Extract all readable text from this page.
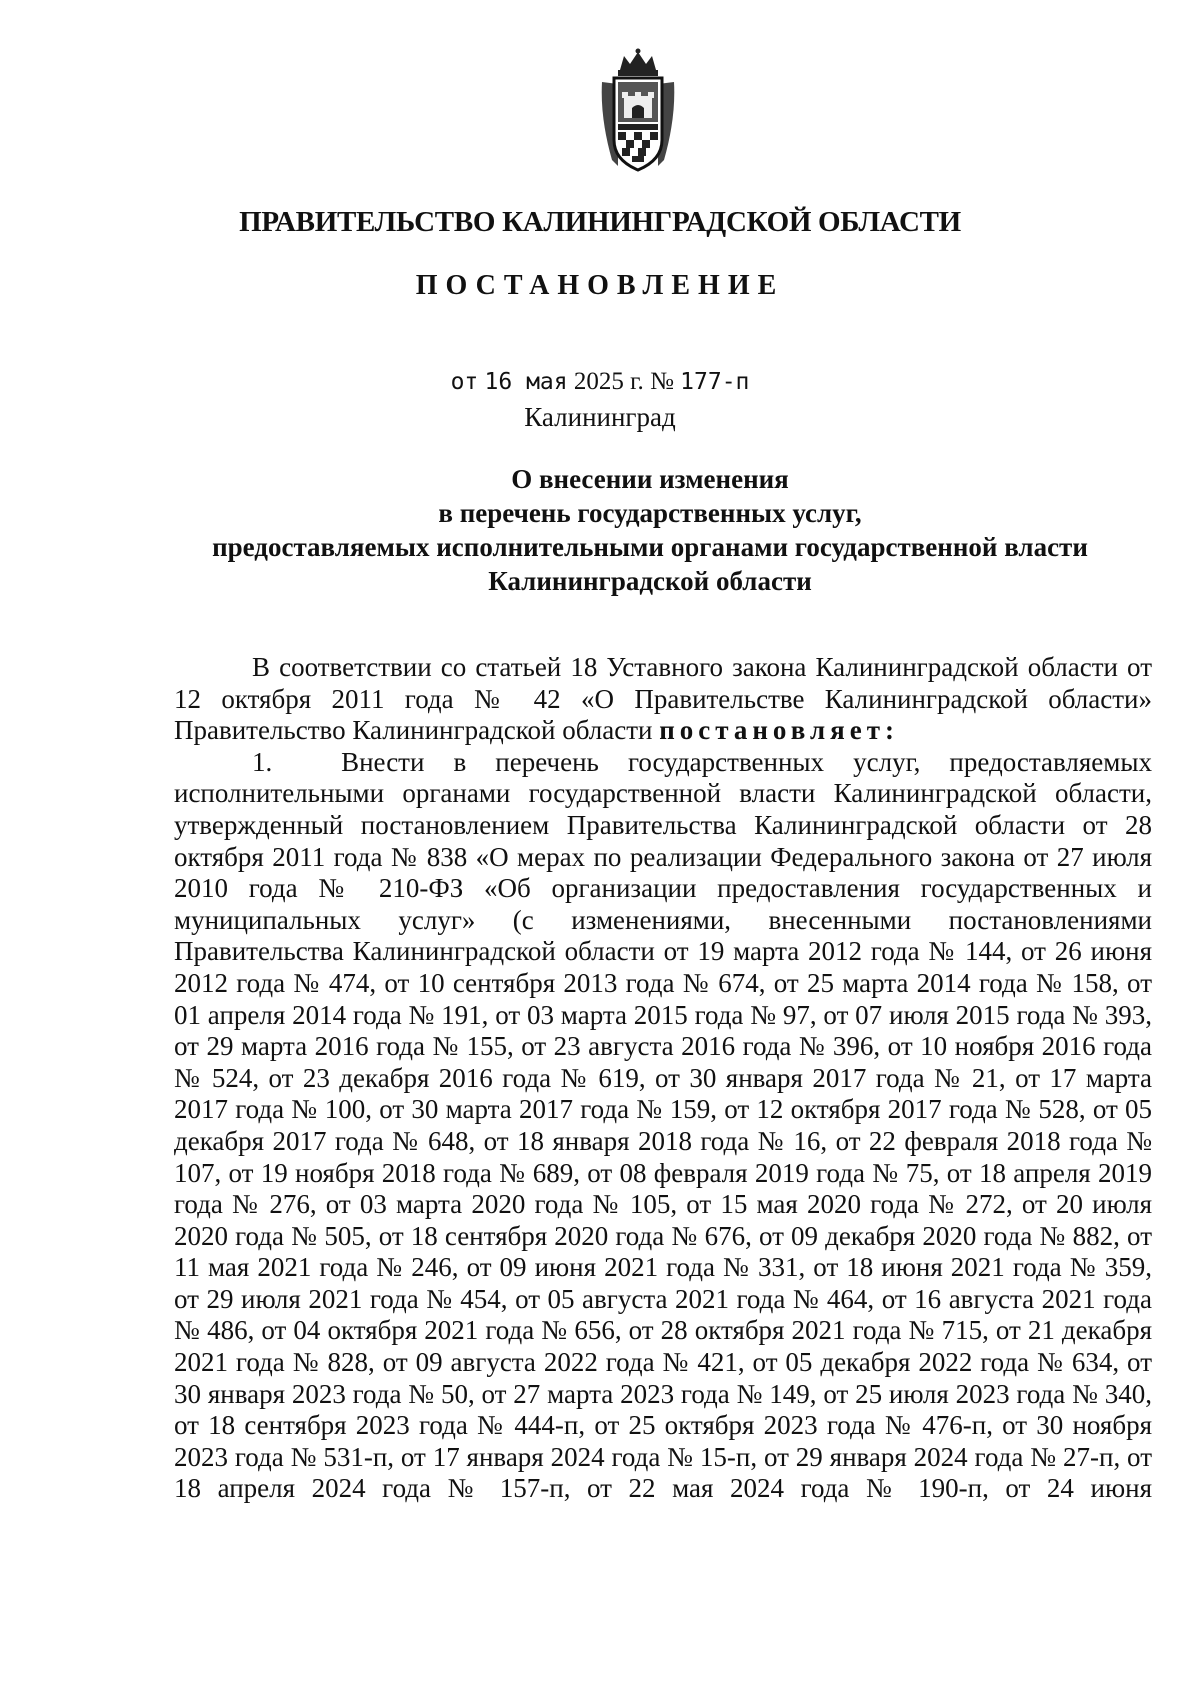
ПРАВИТЕЛЬСТВО КАЛИНИНГРАДСКОЙ ОБЛАСТИ
ПОСТАНОВЛЕНИЕ
от 16 мая 2025 г. № 177-п
Калининград
О внесении изменения
в перечень государственных услуг,
предоставляемых исполнительными органами государственной власти
Калининградской области

В соответствии со статьей 18 Уставного закона Калининградской области от 12 октября 2011 года № 42 «О Правительстве Калининградской области» Правительство Калининградской области постановляет:

1.	Внести в перечень государственных услуг, предоставляемых исполнительными органами государственной власти Калининградской области, утвержденный постановлением Правительства Калининградской области от 28 октября 2011 года № 838 «О мерах по реализации Федерального закона от 27 июля 2010 года № 210-ФЗ «Об организации предоставления государственных и муниципальных услуг» (с изменениями, внесенными постановлениями Правительства Калининградской области от 19 марта 2012 года № 144, от 26 июня 2012 года № 474, от 10 сентября 2013 года № 674, от 25 марта 2014 года № 158, от 01 апреля 2014 года № 191, от 03 марта 2015 года № 97, от 07 июля 2015 года № 393, от 29 марта 2016 года № 155, от 23 августа 2016 года № 396, от 10 ноября 2016 года № 524, от 23 декабря 2016 года № 619, от 30 января 2017 года № 21, от 17 марта 2017 года № 100, от 30 марта 2017 года № 159, от 12 октября 2017 года № 528, от 05 декабря 2017 года № 648, от 18 января 2018 года № 16, от 22 февраля 2018 года № 107, от 19 ноября 2018 года № 689, от 08 февраля 2019 года № 75, от 18 апреля 2019 года № 276, от 03 марта 2020 года № 105, от 15 мая 2020 года № 272, от 20 июля 2020 года № 505, от 18 сентября 2020 года № 676, от 09 декабря 2020 года № 882, от 11 мая 2021 года № 246, от 09 июня 2021 года № 331, от 18 июня 2021 года № 359, от 29 июля 2021 года № 454, от 05 августа 2021 года № 464, от 16 августа 2021 года № 486, от 04 октября 2021 года № 656, от 28 октября 2021 года № 715, от 21 декабря 2021 года № 828, от 09 августа 2022 года № 421, от 05 декабря 2022 года № 634, от 30 января 2023 года № 50, от 27 марта 2023 года № 149, от 25 июля 2023 года № 340, от 18 сентября 2023 года № 444-п, от 25 октября 2023 года № 476-п, от 30 ноября 2023 года № 531-п, от 17 января 2024 года № 15-п, от 29 января 2024 года № 27-п, от 18 апреля 2024 года № 157-п, от 22 мая 2024 года № 190-п, от 24 июня
